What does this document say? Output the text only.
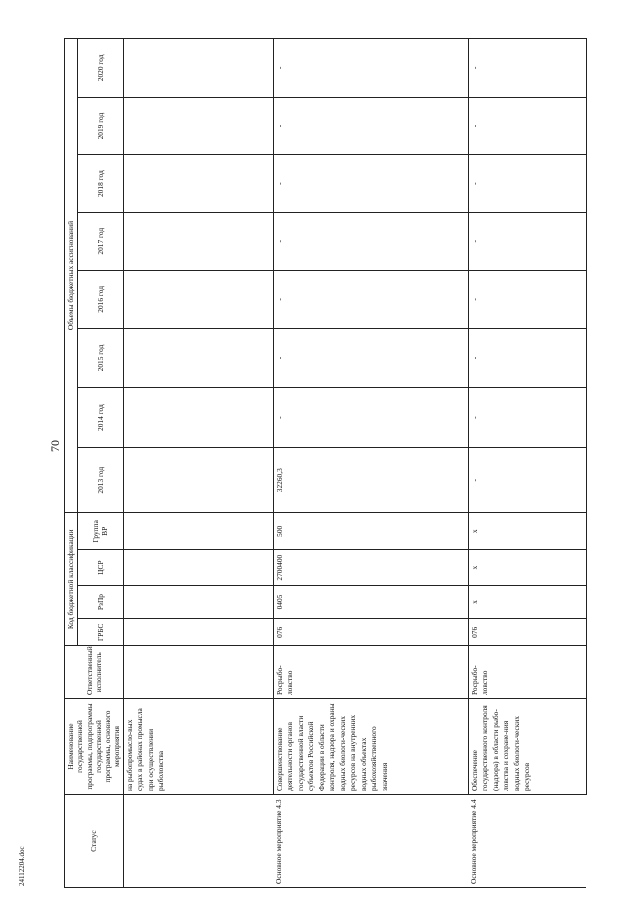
70
24112204.doc
Статус	Наименование государственной программы, подпрограммы государственной программы, основного мероприятия	Ответственный исполнитель	Код бюджетной классификации				Объемы бюджетных ассигнований							
			ГРБС	РзПр	ЦСР	Группа ВР	2013 год	2014 год	2015 год	2016 год	2017 год	2018 год	2019 год	2020 год

	на рыбопромысло-вых судах в районах промысла при осуществлении рыболовства													
Основное мероприятие 4.3	Совершенствование деятельности органов государственной власти субъектов Российской Федерации в области контроля, надзора и охраны водных биологи-ческих ресурсов на внутренних водных объектах рыбохозяйственного значения	Росрыбо-ловство	076	0405	2700400	500	32260,3	-	-	-	-	-	-	-
Основное мероприятие 4.4	Обеспечение государственного контроля (надзора) в области рыбо-ловства и сохране-ния водных биологи-ческих ресурсов	Росрыбо-ловство	076	x	x	x	-	-	-	-	-	-	-	-
